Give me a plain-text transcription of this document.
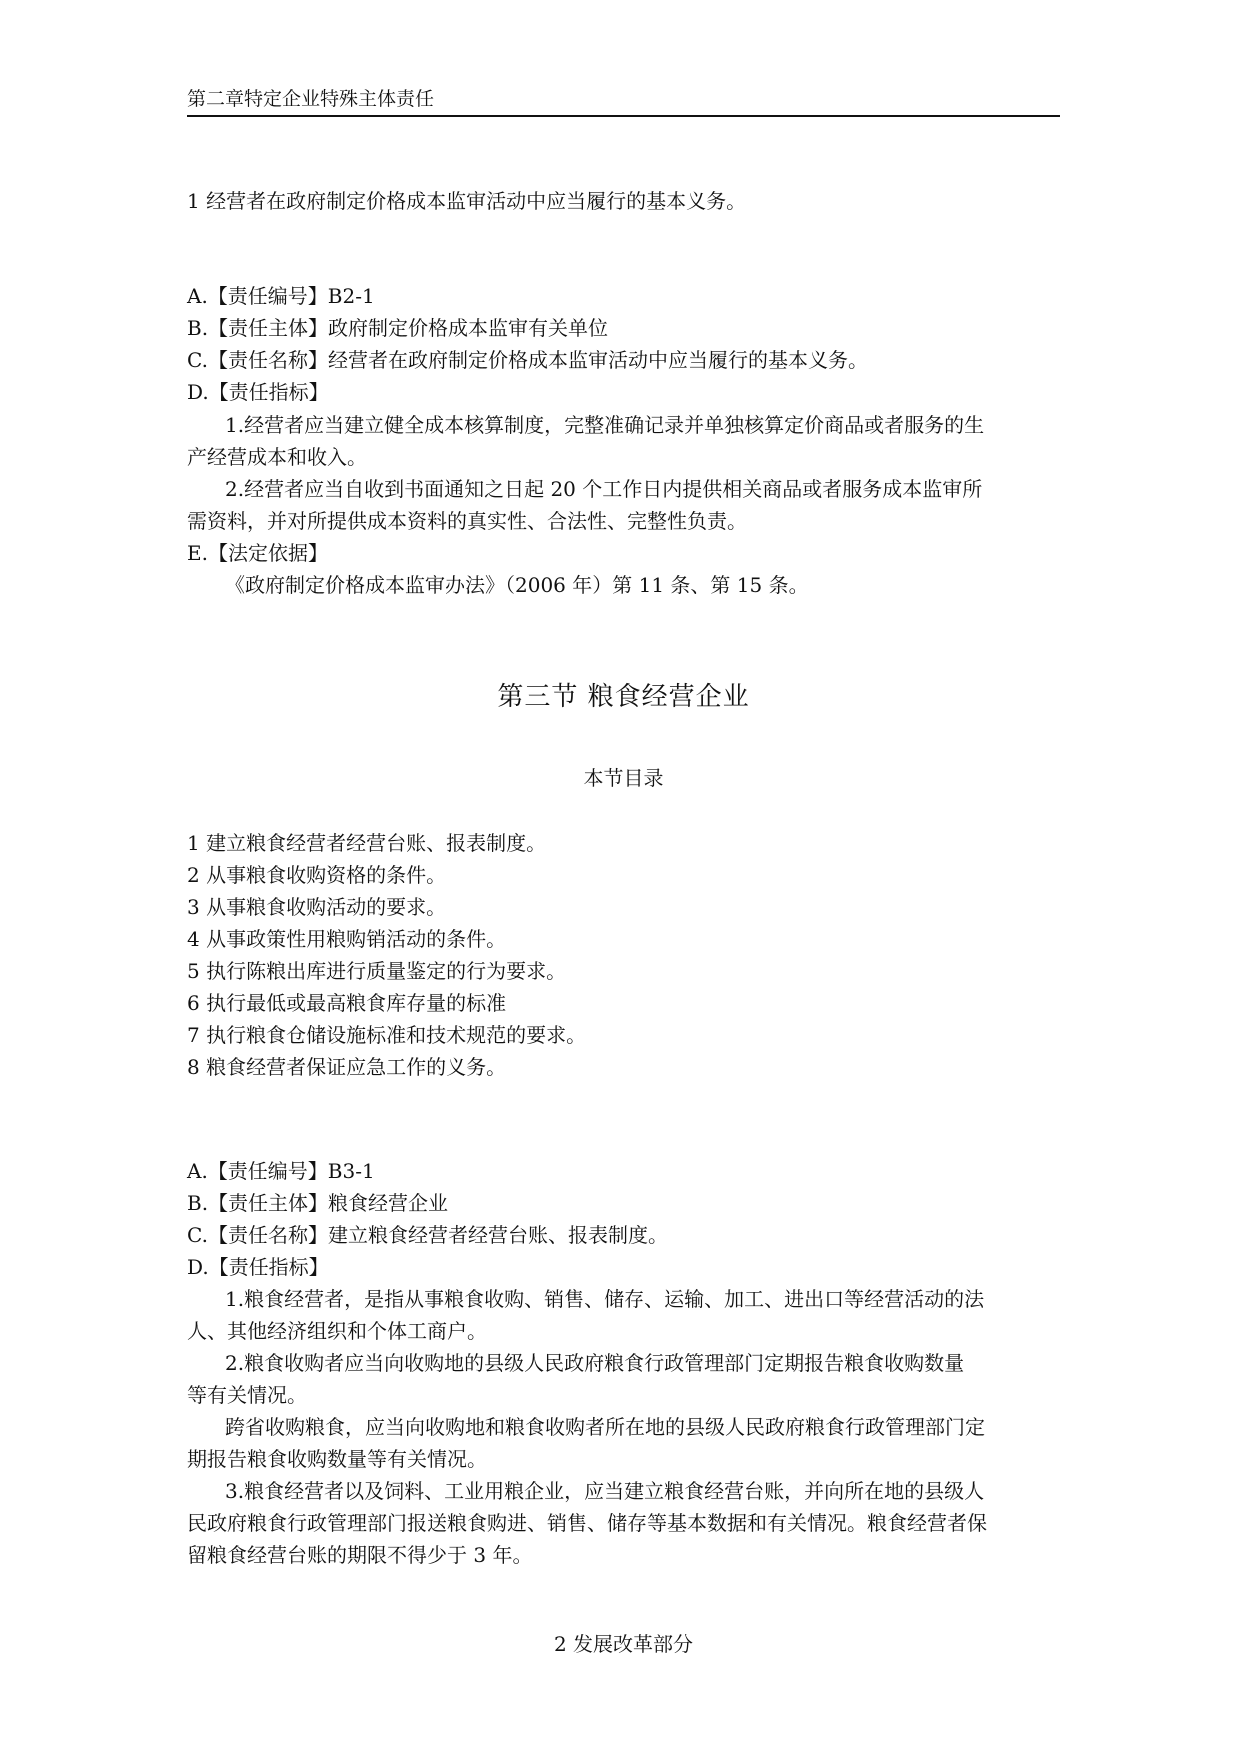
第二章特定企业特殊主体责任
1 经营者在政府制定价格成本监审活动中应当履行的基本义务。
A.【责任编号】B2-1
B.【责任主体】政府制定价格成本监审有关单位
C.【责任名称】经营者在政府制定价格成本监审活动中应当履行的基本义务。
D.【责任指标】
1.经营者应当建立健全成本核算制度，完整准确记录并单独核算定价商品或者服务的生
产经营成本和收入。
2.经营者应当自收到书面通知之日起 20 个工作日内提供相关商品或者服务成本监审所
需资料，并对所提供成本资料的真实性、合法性、完整性负责。
E.【法定依据】
《政府制定价格成本监审办法》（2006 年）第 11 条、第 15 条。
第三节 粮食经营企业
本节目录
1 建立粮食经营者经营台账、报表制度。
2 从事粮食收购资格的条件。
3 从事粮食收购活动的要求。
4 从事政策性用粮购销活动的条件。
5 执行陈粮出库进行质量鉴定的行为要求。
6 执行最低或最高粮食库存量的标准
7 执行粮食仓储设施标准和技术规范的要求。
8 粮食经营者保证应急工作的义务。
A.【责任编号】B3-1
B.【责任主体】粮食经营企业
C.【责任名称】建立粮食经营者经营台账、报表制度。
D.【责任指标】
1.粮食经营者，是指从事粮食收购、销售、储存、运输、加工、进出口等经营活动的法
人、其他经济组织和个体工商户。
2.粮食收购者应当向收购地的县级人民政府粮食行政管理部门定期报告粮食收购数量
等有关情况。
跨省收购粮食，应当向收购地和粮食收购者所在地的县级人民政府粮食行政管理部门定
期报告粮食收购数量等有关情况。
3.粮食经营者以及饲料、工业用粮企业，应当建立粮食经营台账，并向所在地的县级人
民政府粮食行政管理部门报送粮食购进、销售、储存等基本数据和有关情况。粮食经营者保
留粮食经营台账的期限不得少于 3 年。
2 发展改革部分
